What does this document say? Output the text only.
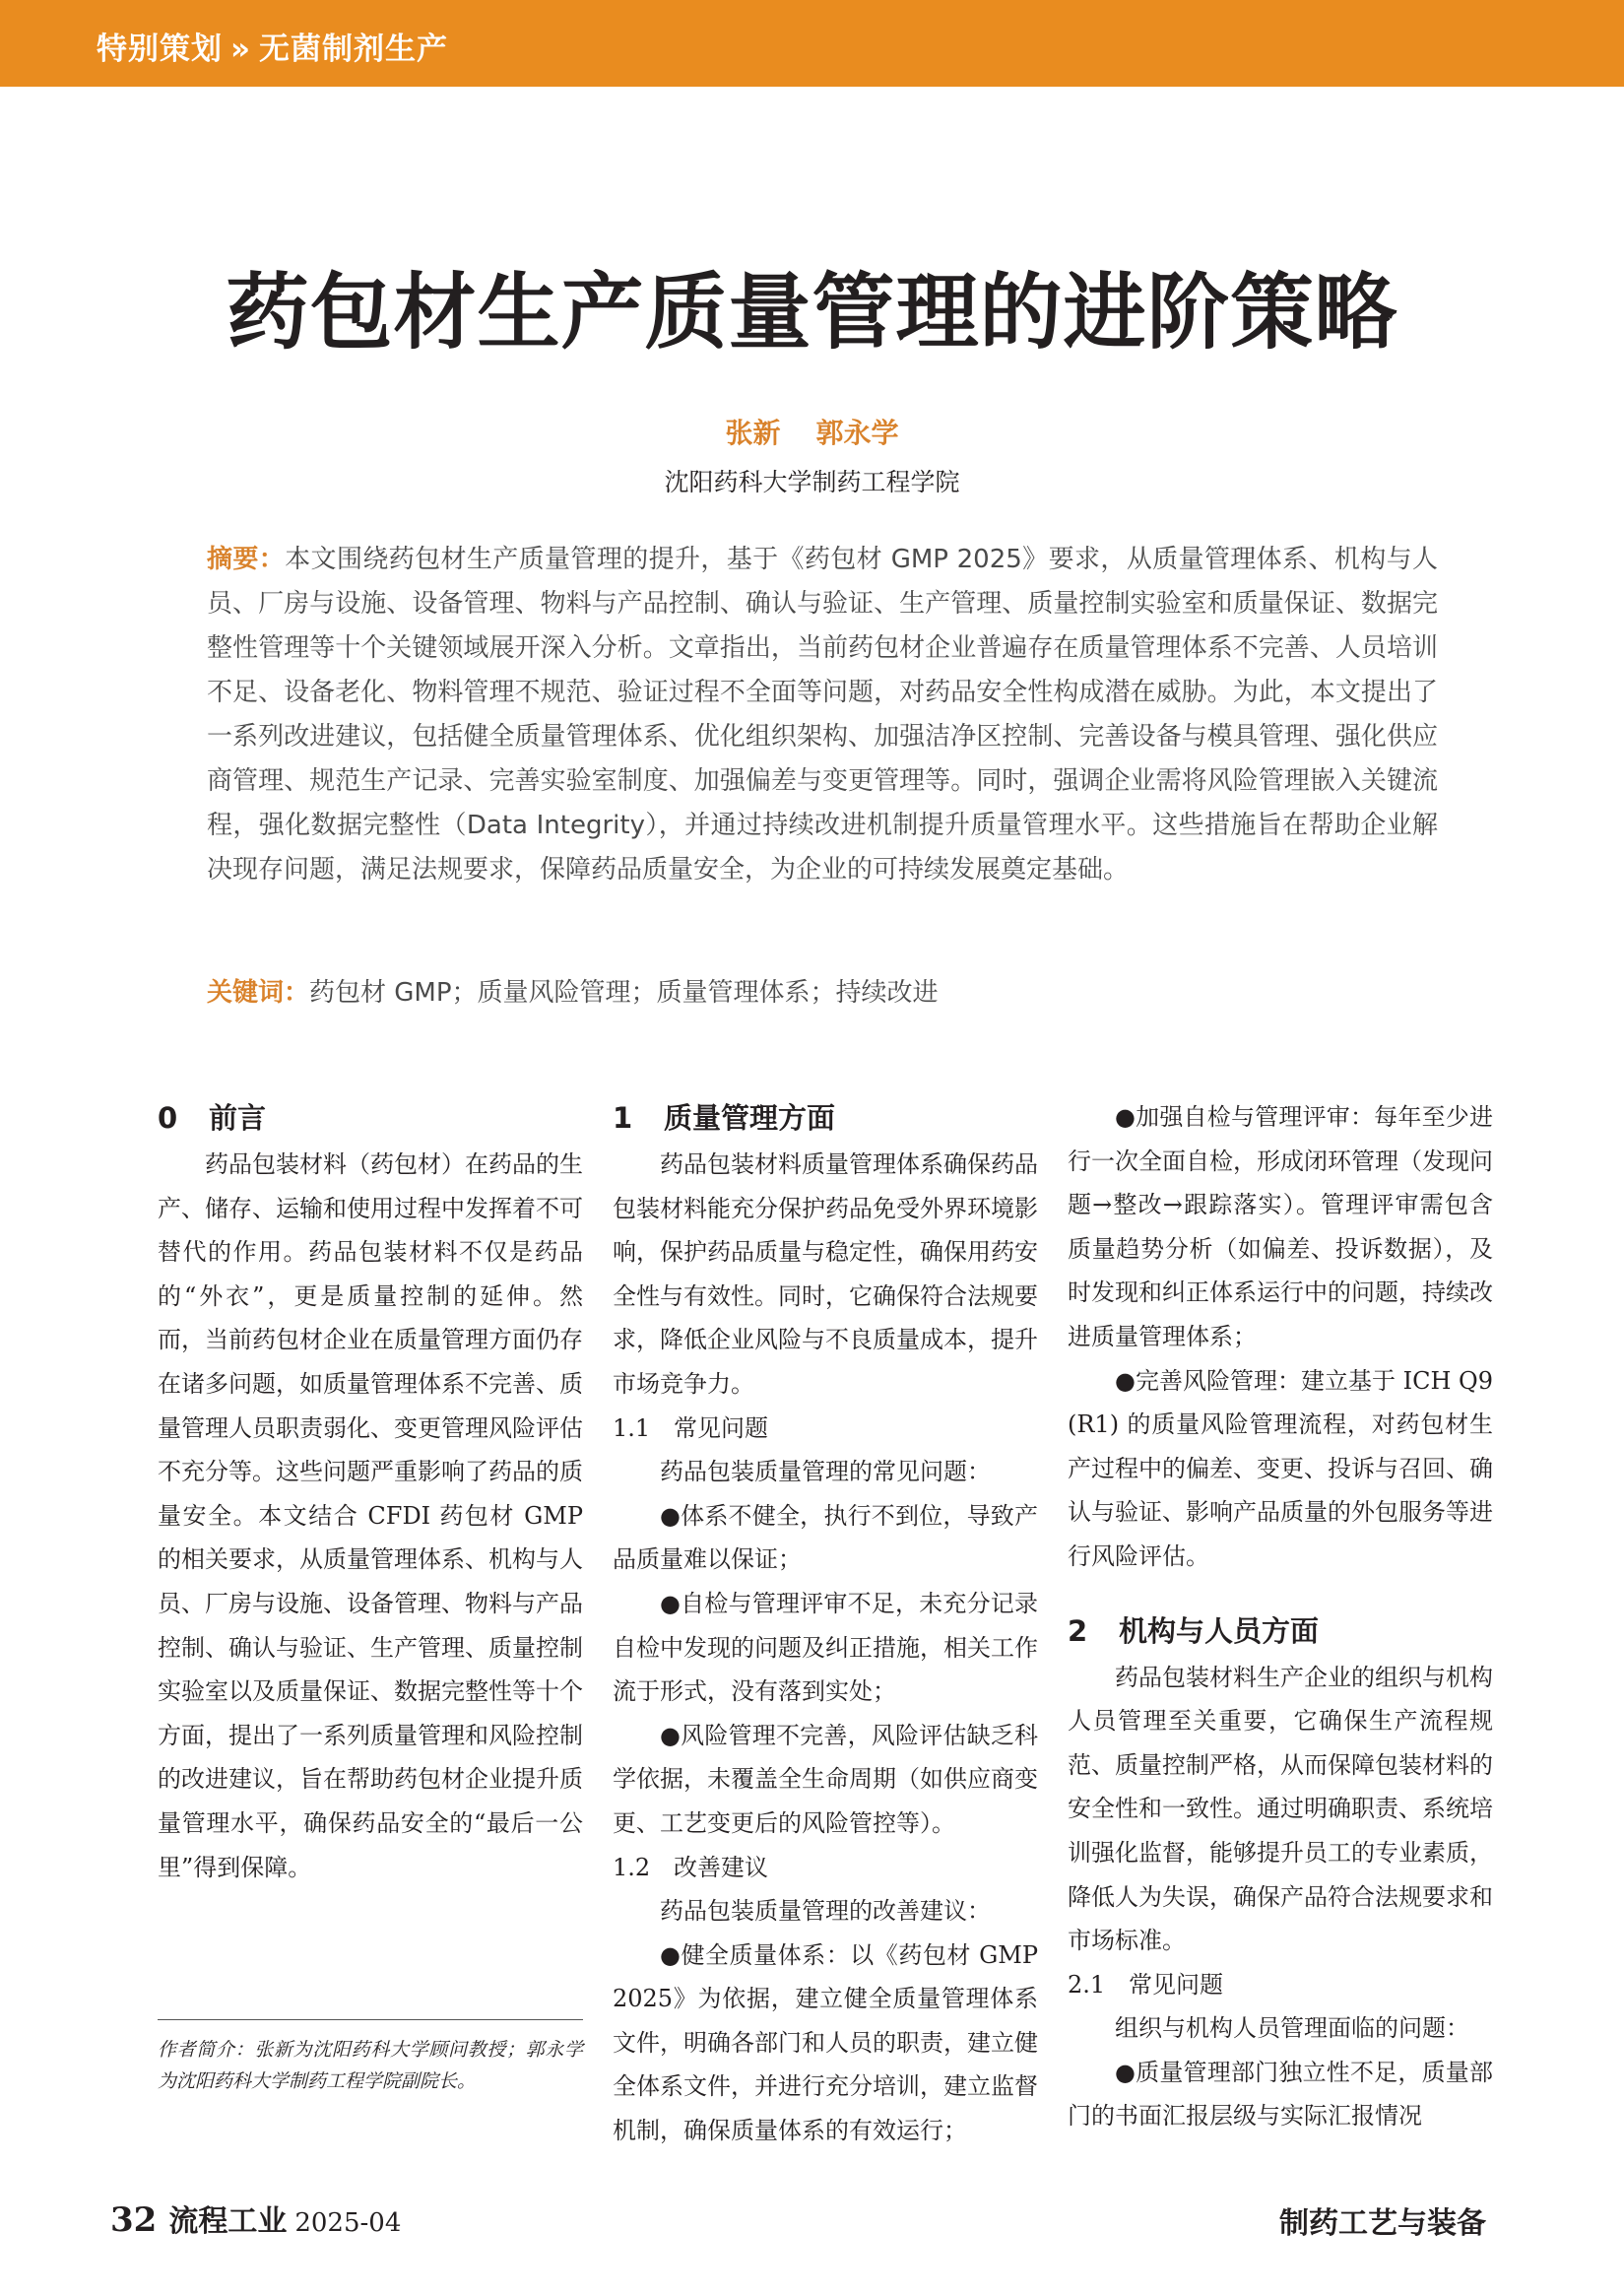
特别策划 » 无菌制剂生产
药包材生产质量管理的进阶策略
张新 郭永学
沈阳药科大学制药工程学院
摘要：本文围绕药包材生产质量管理的提升，基于《药包材 GMP 2025》要求，从质量管理体系、机构与人员、厂房与设施、设备管理、物料与产品控制、确认与验证、生产管理、质量控制实验室和质量保证、数据完整性管理等十个关键领域展开深入分析。文章指出，当前药包材企业普遍存在质量管理体系不完善、人员培训不足、设备老化、物料管理不规范、验证过程不全面等问题，对药品安全性构成潜在威胁。为此，本文提出了一系列改进建议，包括健全质量管理体系、优化组织架构、加强洁净区控制、完善设备与模具管理、强化供应商管理、规范生产记录、完善实验室制度、加强偏差与变更管理等。同时，强调企业需将风险管理嵌入关键流程，强化数据完整性（Data Integrity），并通过持续改进机制提升质量管理水平。这些措施旨在帮助企业解决现存问题，满足法规要求，保障药品质量安全，为企业的可持续发展奠定基础。
关键词：药包材 GMP；质量风险管理；质量管理体系；持续改进
0 前言

药品包装材料（药包材）在药品的生产、储存、运输和使用过程中发挥着不可替代的作用。药品包装材料不仅是药品的“外衣”，更是质量控制的延伸。然而，当前药包材企业在质量管理方面仍存在诸多问题，如质量管理体系不完善、质量管理人员职责弱化、变更管理风险评估不充分等。这些问题严重影响了药品的质量安全。本文结合 CFDI 药包材 GMP 的相关要求，从质量管理体系、机构与人员、厂房与设施、设备管理、物料与产品控制、确认与验证、生产管理、质量控制实验室以及质量保证、数据完整性等十个方面，提出了一系列质量管理和风险控制的改进建议，旨在帮助药包材企业提升质量管理水平，确保药品安全的“最后一公里”得到保障。

1 质量管理方面

药品包装材料质量管理体系确保药品包装材料能充分保护药品免受外界环境影响，保护药品质量与稳定性，确保用药安全性与有效性。同时，它确保符合法规要求，降低企业风险与不良质量成本，提升市场竞争力。

1.1 常见问题

药品包装质量管理的常见问题：

●体系不健全，执行不到位，导致产品质量难以保证；

●自检与管理评审不足，未充分记录自检中发现的问题及纠正措施，相关工作流于形式，没有落到实处；

●风险管理不完善，风险评估缺乏科学依据，未覆盖全生命周期（如供应商变更、工艺变更后的风险管控等）。

1.2 改善建议

药品包装质量管理的改善建议：

●健全质量体系：以《药包材 GMP 2025》为依据，建立健全质量管理体系文件，明确各部门和人员的职责，建立健全体系文件，并进行充分培训，建立监督机制，确保质量体系的有效运行；

●加强自检与管理评审：每年至少进行一次全面自检，形成闭环管理（发现问题→整改→跟踪落实）。管理评审需包含质量趋势分析（如偏差、投诉数据），及时发现和纠正体系运行中的问题，持续改进质量管理体系；

●完善风险管理：建立基于 ICH Q9 (R1) 的质量风险管理流程，对药包材生产过程中的偏差、变更、投诉与召回、确认与验证、影响产品质量的外包服务等进行风险评估。

2 机构与人员方面

药品包装材料生产企业的组织与机构人员管理至关重要，它确保生产流程规范、质量控制严格，从而保障包装材料的安全性和一致性。通过明确职责、系统培训强化监督，能够提升员工的专业素质，降低人为失误，确保产品符合法规要求和市场标准。

2.1 常见问题

组织与机构人员管理面临的问题：

●质量管理部门独立性不足，质量部门的书面汇报层级与实际汇报情况

作者简介：张新为沈阳药科大学顾问教授；郭永学为沈阳药科大学制药工程学院副院长。
32 流程工业 2025-04	制药工艺与装备
